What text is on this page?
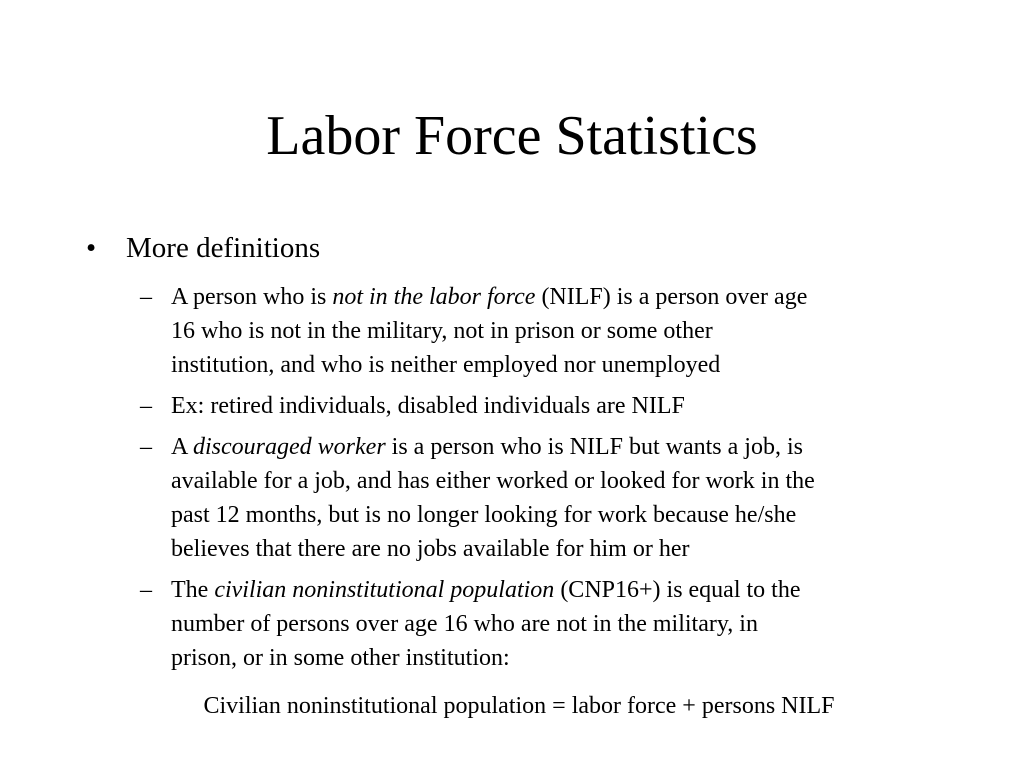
Labor Force Statistics
• More definitions
– A person who is not in the labor force (NILF) is a person over age
16 who is not in the military, not in prison or some other
institution, and who is neither employed nor unemployed
– Ex: retired individuals, disabled individuals are NILF
– A discouraged worker is a person who is NILF but wants a job, is
available for a job, and has either worked or looked for work in the
past 12 months, but is no longer looking for work because he/she
believes that there are no jobs available for him or her
– The civilian noninstitutional population (CNP16+) is equal to the
number of persons over age 16 who are not in the military, in
prison, or in some other institution:
Civilian noninstitutional population = labor force + persons NILF
